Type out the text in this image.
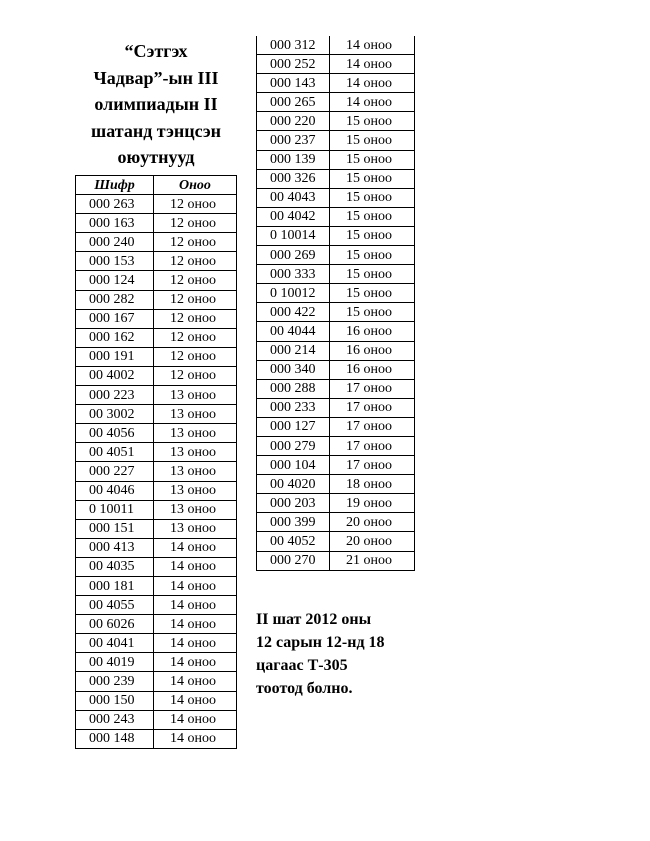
“Сэтгэх
Чадвар”-ын III
олимпиадын II
шатанд тэнцсэн
оюутнууд
Шифр	Оноо
000 263	12 оноо
000 163	12 оноо
000 240	12 оноо
000 153	12 оноо
000 124	12 оноо
000 282	12 оноо
000 167	12 оноо
000 162	12 оноо
000 191	12 оноо
00 4002	12 оноо
000 223	13 оноо
00 3002	13 оноо
00 4056	13 оноо
00 4051	13 оноо
000 227	13 оноо
00 4046	13 оноо
0 10011	13 оноо
000 151	13 оноо
000 413	14 оноо
00 4035	14 оноо
000 181	14 оноо
00 4055	14 оноо
00 6026	14 оноо
00 4041	14 оноо
00 4019	14 оноо
000 239	14 оноо
000 150	14 оноо
000 243	14 оноо
000 148	14 оноо
000 312	14 оноо
000 252	14 оноо
000 143	14 оноо
000 265	14 оноо
000 220	15 оноо
000 237	15 оноо
000 139	15 оноо
000 326	15 оноо
00 4043	15 оноо
00 4042	15 оноо
0 10014	15 оноо
000 269	15 оноо
000 333	15 оноо
0 10012	15 оноо
000 422	15 оноо
00 4044	16 оноо
000 214	16 оноо
000 340	16 оноо
000 288	17 оноо
000 233	17 оноо
000 127	17 оноо
000 279	17 оноо
000 104	17 оноо
00 4020	18 оноо
000 203	19 оноо
000 399	20 оноо
00 4052	20 оноо
000 270	21 оноо
II шат 2012 оны
12 сарын 12-нд 18
цагаас Т-305
тоотод болно.
